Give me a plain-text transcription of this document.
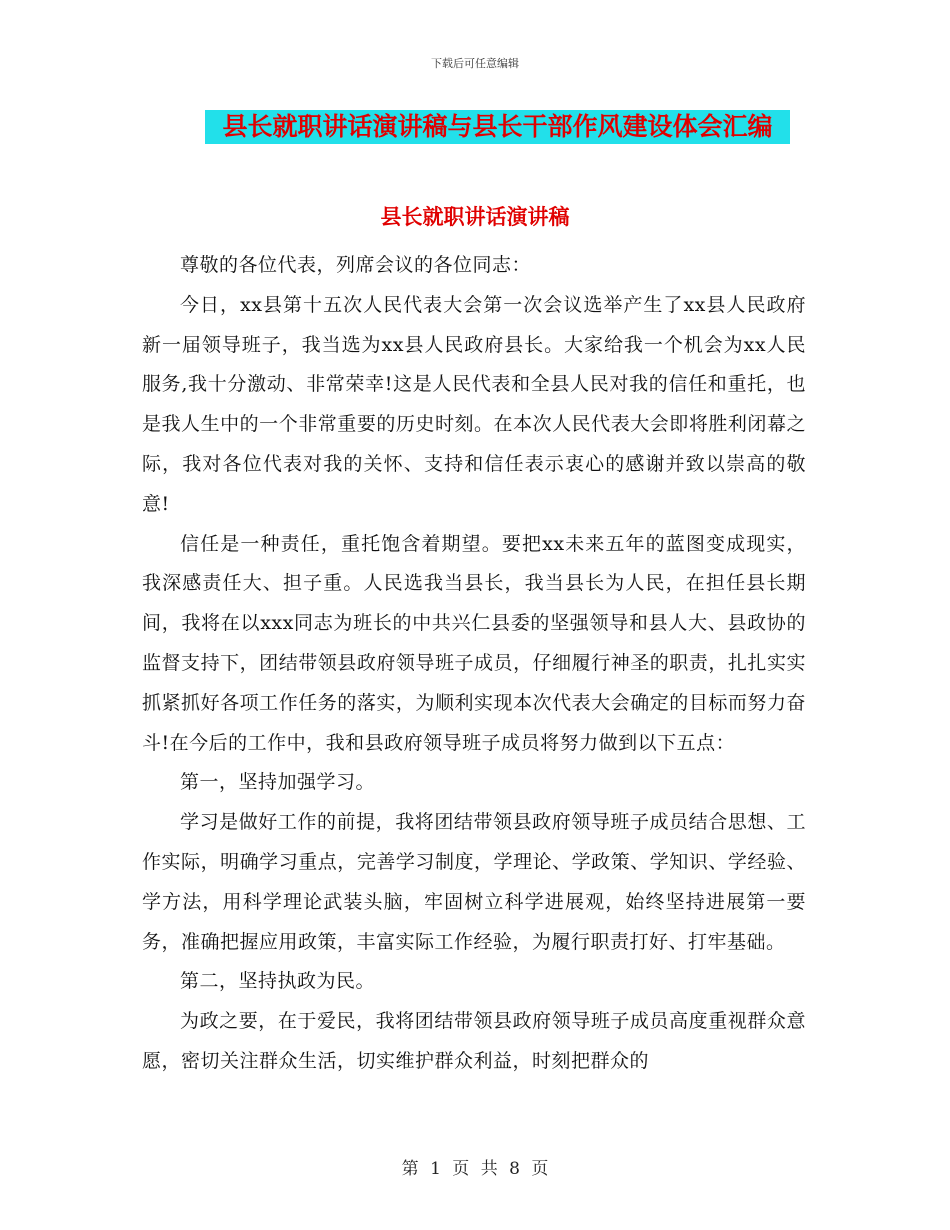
下载后可任意编辑
县长就职讲话演讲稿与县长干部作风建设体会汇编
县长就职讲话演讲稿

尊敬的各位代表，列席会议的各位同志：

今日，xx县第十五次人民代表大会第一次会议选举产生了xx县人民政府新一届领导班子，我当选为xx县人民政府县长。大家给我一个机会为xx人民服务,我十分激动、非常荣幸!这是人民代表和全县人民对我的信任和重托，也是我人生中的一个非常重要的历史时刻。在本次人民代表大会即将胜利闭幕之际，我对各位代表对我的关怀、支持和信任表示衷心的感谢并致以崇高的敬意!

信任是一种责任，重托饱含着期望。要把xx未来五年的蓝图变成现实，我深感责任大、担子重。人民选我当县长，我当县长为人民，在担任县长期间，我将在以xxx同志为班长的中共兴仁县委的坚强领导和县人大、县政协的监督支持下，团结带领县政府领导班子成员，仔细履行神圣的职责，扎扎实实抓紧抓好各项工作任务的落实，为顺利实现本次代表大会确定的目标而努力奋斗!在今后的工作中，我和县政府领导班子成员将努力做到以下五点：

第一，坚持加强学习。

学习是做好工作的前提，我将团结带领县政府领导班子成员结合思想、工作实际，明确学习重点，完善学习制度，学理论、学政策、学知识、学经验、学方法，用科学理论武装头脑，牢固树立科学进展观，始终坚持进展第一要务，准确把握应用政策，丰富实际工作经验，为履行职责打好、打牢基础。

第二，坚持执政为民。

为政之要，在于爱民，我将团结带领县政府领导班子成员高度重视群众意愿，密切关注群众生活，切实维护群众利益，时刻把群众的

第 1 页 共 8 页
